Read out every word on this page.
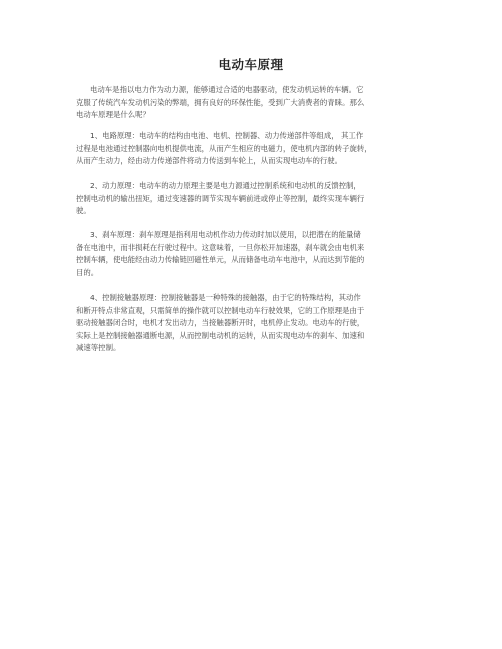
电动车原理
电动车是指以电力作为动力源，能够通过合适的电器驱动，使发动机运转的车辆。它
克服了传统汽车发动机污染的弊端，拥有良好的环保性能，受到广大消费者的青睐。那么
电动车原理是什么呢？
1、电路原理：电动车的结构由电池、电机、控制器、动力传递部件等组成， 其工作
过程是电池通过控制器向电机提供电流，从而产生相应的电磁力，使电机内部的转子旋转，
从而产生动力，经由动力传递部件将动力传送到车轮上，从而实现电动车的行驶。
2、动力原理：电动车的动力原理主要是电力源通过控制系统和电动机的反馈控制，
控制电动机的输出扭矩，通过变速器的调节实现车辆前进或停止等控制，最终实现车辆行
驶。
3、刹车原理：刹车原理是指利用电动机作动力传动时加以使用，以把潜在的能量储
备在电池中，而非损耗在行驶过程中。这意味着，一旦你松开加速器，刹车就会由电机来
控制车辆，使电能经由动力传输链回磁性单元，从而储备电动车电池中，从而达到节能的
目的。
4、控制接触器原理：控制接触器是一种特殊的接触器，由于它的特殊结构，其动作
和断开特点非常直观，只需简单的操作就可以控制电动车行驶效果，它的工作原理是由于
驱动接触器闭合时，电机才发出动力，当接触器断开时，电机停止发动。电动车的行驶，
实际上是控制接触器通断电源，从而控制电动机的运转，从而实现电动车的刹车、加速和
减速等控制。
